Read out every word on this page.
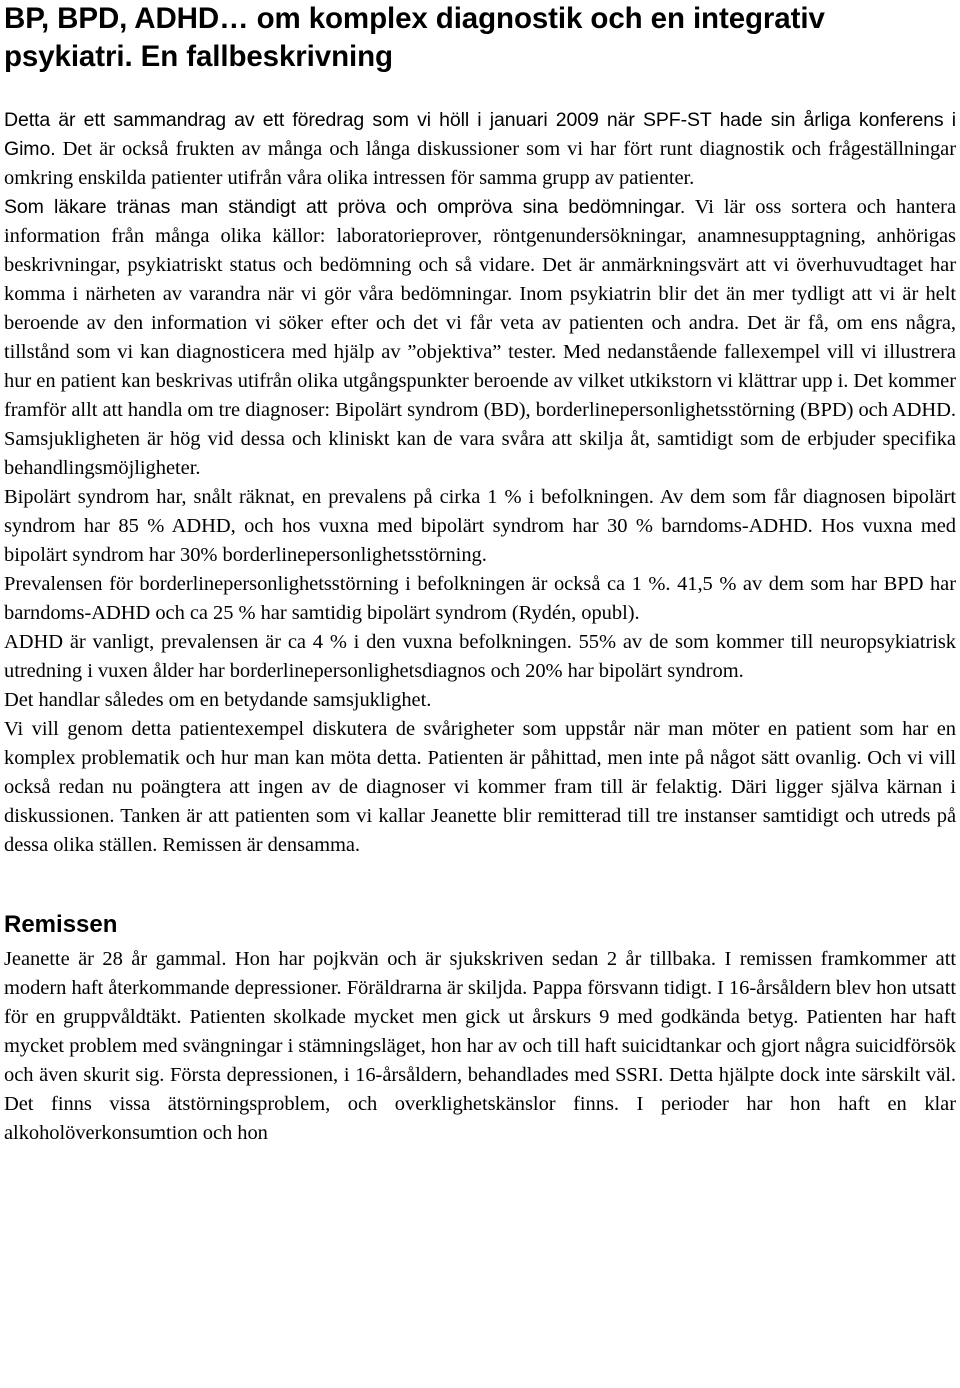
BP, BPD, ADHD… om komplex diagnostik och en integrativ psykiatri. En fallbeskrivning

Detta är ett sammandrag av ett föredrag som vi höll i januari 2009 när SPF-ST hade sin årliga konferens i Gimo. Det är också frukten av många och långa diskussioner som vi har fört runt diagnostik och frågeställningar omkring enskilda patienter utifrån våra olika intressen för samma grupp av patienter.

Som läkare tränas man ständigt att pröva och ompröva sina bedömningar. Vi lär oss sortera och hantera information från många olika källor: laboratorieprover, röntgenundersökningar, anamnesupptagning, anhörigas beskrivningar, psykiatriskt status och bedömning och så vidare. Det är anmärkningsvärt att vi överhuvudtaget har komma i närheten av varandra när vi gör våra bedömningar. Inom psykiatrin blir det än mer tydligt att vi är helt beroende av den information vi söker efter och det vi får veta av patienten och andra. Det är få, om ens några, tillstånd som vi kan diagnosticera med hjälp av ”objektiva” tester. Med nedanstående fallexempel vill vi illustrera hur en patient kan beskrivas utifrån olika utgångspunkter beroende av vilket utkikstorn vi klättrar upp i. Det kommer framför allt att handla om tre diagnoser: Bipolärt syndrom (BD), borderlinepersonlighetsstörning (BPD) och ADHD. Samsjukligheten är hög vid dessa och kliniskt kan de vara svåra att skilja åt, samtidigt som de erbjuder specifika behandlingsmöjligheter.

Bipolärt syndrom har, snålt räknat, en prevalens på cirka 1 % i befolkningen. Av dem som får diagnosen bipolärt syndrom har 85 % ADHD, och hos vuxna med bipolärt syndrom har 30 % barndoms-ADHD. Hos vuxna med bipolärt syndrom har 30% borderlinepersonlighetsstörning.

Prevalensen för borderlinepersonlighetsstörning i befolkningen är också ca 1 %. 41,5 % av dem som har BPD har barndoms-ADHD och ca 25 % har samtidig bipolärt syndrom (Rydén, opubl).

ADHD är vanligt, prevalensen är ca 4 % i den vuxna befolkningen. 55% av de som kommer till neuropsykiatrisk utredning i vuxen ålder har borderlinepersonlighetsdiagnos och 20% har bipolärt syndrom.

Det handlar således om en betydande samsjuklighet.

Vi vill genom detta patientexempel diskutera de svårigheter som uppstår när man möter en patient som har en komplex problematik och hur man kan möta detta. Patienten är påhittad, men inte på något sätt ovanlig. Och vi vill också redan nu poängtera att ingen av de diagnoser vi kommer fram till är felaktig. Däri ligger själva kärnan i diskussionen. Tanken är att patienten som vi kallar Jeanette blir remitterad till tre instanser samtidigt och utreds på dessa olika ställen. Remissen är densamma.

Remissen

Jeanette är 28 år gammal. Hon har pojkvän och är sjukskriven sedan 2 år tillbaka. I remissen framkommer att modern haft återkommande depressioner. Föräldrarna är skiljda. Pappa försvann tidigt. I 16-årsåldern blev hon utsatt för en gruppvåldtäkt. Patienten skolkade mycket men gick ut årskurs 9 med godkända betyg. Patienten har haft mycket problem med svängningar i stämningsläget, hon har av och till haft suicidtankar och gjort några suicidförsök och även skurit sig. Första depressionen, i 16-årsåldern, behandlades med SSRI. Detta hjälpte dock inte särskilt väl. Det finns vissa ätstörningsproblem, och overklighetskänslor finns. I perioder har hon haft en klar alkoholöverkonsumtion och hon
